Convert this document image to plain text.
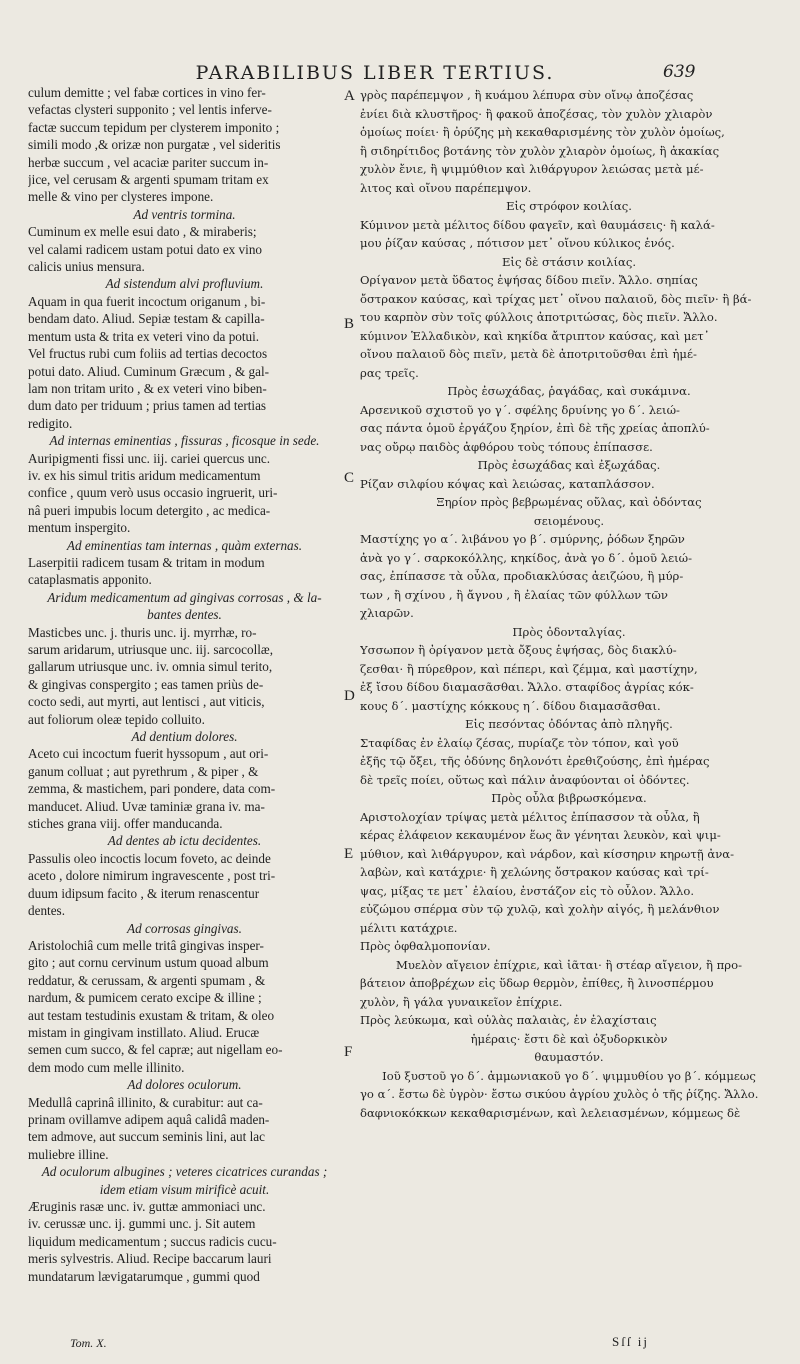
PARABILIBUS LIBER TERTIUS.	639
culum demitte ; vel fabæ cortices in vino fer-
vefactas clysteri supponito ; vel lentis inferve-
factæ succum tepidum per clysterem imponito ;
simili modo ,& orizæ non purgatæ , vel sideritis
herbæ succum , vel acaciæ pariter succum in-
jice, vel cerusam & argenti spumam tritam ex
melle & vino per clysteres impone.
Ad ventris tormina.
Cuminum ex melle esui dato , & miraberis;
vel calami radicem ustam potui dato ex vino
calicis unius mensura.
Ad sistendum alvi profluvium.
Aquam in qua fuerit incoctum origanum , bi-
bendam dato. Aliud. Sepiæ testam & capilla-
mentum usta & trita ex veteri vino da potui.
Vel fructus rubi cum foliis ad tertias decoctos
potui dato. Aliud. Cuminum Græcum , & gal-
lam non tritam urito , & ex veteri vino biben-
dum dato per triduum ; prius tamen ad tertias
redigito.
Ad internas eminentias , fissuras , ficosque in sede.
Auripigmenti fissi unc. iij. cariei quercus unc.
iv. ex his simul tritis aridum medicamentum
confice , quum verò usus occasio ingruerit, uri-
nâ pueri impubis locum detergito , ac medica-
mentum inspergito.
Ad eminentias tam internas , quàm externas.
Laserpitii radicem tusam & tritam in modum
cataplasmatis apponito.
Aridum medicamentum ad gingivas corrosas , & la-
bantes dentes.
Masticbes unc. j. thuris unc. ij. myrrhæ, ro-
sarum aridarum, utriusque unc. iij. sarcocollæ,
gallarum utriusque unc. iv. omnia simul terito,
& gingivas conspergito ; eas tamen priùs de-
cocto sedi, aut myrti, aut lentisci , aut viticis,
aut foliorum oleæ tepido colluito.
Ad dentium dolores.
Aceto cui incoctum fuerit hyssopum , aut ori-
ganum colluat ; aut pyrethrum , & piper , &
zemma, & mastichem, pari pondere, data com-
manducet. Aliud. Uvæ taminiæ grana iv. ma-
stiches grana viij. offer manducanda.
Ad dentes ab ictu decidentes.
Passulis oleo incoctis locum foveto, ac deinde
aceto , dolore nimirum ingravescente , post tri-
duum idipsum facito , & iterum renascentur
dentes.
Ad corrosas gingivas.
Aristolochiâ cum melle tritâ gingivas insper-
gito ; aut cornu cervinum ustum quoad album
reddatur, & cerussam, & argenti spumam , &
nardum, & pumicem cerato excipe & illine ;
aut testam testudinis exustam & tritam, & oleo
mistam in gingivam instillato. Aliud. Erucæ
semen cum succo, & fel capræ; aut nigellam eo-
dem modo cum melle illinito.
Ad dolores oculorum.
Medullâ caprinâ illinito, & curabitur: aut ca-
prinam ovillamve adipem aquâ calidâ maden-
tem admove, aut succum seminis lini, aut lac
muliebre illine.
Ad oculorum albugines ; veteres cicatrices curandas ;
idem etiam visum mirificè acuit.
Æruginis rasæ unc. iv. guttæ ammoniaci unc.
iv. cerussæ unc. ij. gummi unc. j. Sit autem
liquidum medicamentum ; succus radicis cucu-
meris sylvestris. Aliud. Recipe baccarum lauri
mundatarum lævigatarumque , gummi quod
γρὸς παρέπεμψον , ἢ κυάμου λέπυρα σὺν οἴνῳ ἀποζέσας
ἐνίει διὰ κλυστῆρος· ἢ φακοῦ ἀποζέσας, τὸν χυλὸν χλιαρὸν
ὁμοίως ποίει· ἢ ὀρύζης μὴ κεκαθαρισμένης τὸν χυλὸν ὁμοίως,
ἢ σιδηρίτιδος βοτάνης τὸν χυλὸν χλιαρὸν ὁμοίως, ἢ ἀκακίας
χυλὸν ἔνιε, ἢ ψιμμύθιον καὶ λιθάργυρον λειώσας μετὰ μέ-
λιτος καὶ οἴνου παρέπεμψον.
Εἰς στρόφον κοιλίας.
Κύμινον μετὰ μέλιτος δίδου φαγεῖν, καὶ θαυμάσεις· ἢ καλά-
μου ῥίζαν καύσας , πότισον μετ᾽ οἴνου κύλικος ἑνός.
Εἰς δὲ στάσιν κοιλίας.
Ορίγανον μετὰ ὕδατος ἑψήσας δίδου πιεῖν. Ἄλλο. σηπίας
ὄστρακον καύσας, καὶ τρίχας μετ᾽ οἴνου παλαιοῦ, δὸς πιεῖν· ἢ βά-
του καρπὸν σὺν τοῖς φύλλοις ἀποτριτώσας, δὸς πιεῖν. Ἄλλο.
κύμινον Ἑλλαδικὸν, καὶ κηκίδα ἄτριπτον καύσας, καὶ μετ᾽
οἴνου παλαιοῦ δὸς πιεῖν, μετὰ δὲ ἀποτριτοῦσθαι ἐπὶ ἡμέ-
ρας τρεῖς.
Πρὸς ἐσωχάδας, ῥαγάδας, καὶ συκάμινα.
Αρσενικοῦ σχιστοῦ γο γ΄. σφέλης δρυίνης γο δ΄. λειώ-
σας πάντα ὁμοῦ ἐργάζου ξηρίον, ἐπὶ δὲ τῆς χρείας ἀποπλύ-
νας οὔρῳ παιδὸς ἀφθόρου τοὺς τόπους ἐπίπασσε.
Πρὸς ἐσωχάδας καὶ ἐξωχάδας.
Ρίζαν σιλφίου κόψας καὶ λειώσας, καταπλάσσον.
Ξηρίον πρὸς βεβρωμένας οὔλας, καὶ ὀδόντας
σειομένους.
Μαστίχης γο α΄. λιβάνου γο β΄. σμύρνης, ῥόδων ξηρῶν
ἀνὰ γο γ΄. σαρκοκόλλης, κηκίδος, ἀνὰ γο δ΄. ὁμοῦ λειώ-
σας, ἐπίπασσε τὰ οὖλα, προδιακλύσας ἀειζώου, ἢ μύρ-
των , ἢ σχίνου , ἢ ἄγνου , ἢ ἐλαίας τῶν φύλλων τῶν
χλιαρῶν.
Πρὸς ὀδονταλγίας.
Υσσωπον ἢ ὀρίγανον μετὰ ὄξους ἑψήσας, δὸς διακλύ-
ζεσθαι· ἢ πύρεθρον, καὶ πέπερι, καὶ ζέμμα, καὶ μαστίχην,
ἐξ ἴσου δίδου διαμασᾶσθαι. Ἄλλο. σταφίδος ἀγρίας κόκ-
κους δ΄. μαστίχης κόκκους η΄. δίδου διαμασᾶσθαι.
Εἰς πεσόντας ὀδόντας ἀπὸ πληγῆς.
Σταφίδας ἐν ἐλαίῳ ζέσας, πυρίαζε τὸν τόπον, καὶ γοῦ
ἐξῆς τῷ ὄξει, τῆς ὀδύνης δηλονότι ἐρεθιζούσης, ἐπὶ ἡμέρας
δὲ τρεῖς ποίει, οὕτως καὶ πάλιν ἀναφύονται οἱ ὀδόντες.
Πρὸς οὖλα βιβρωσκόμενα.
Αριστολοχίαν τρίψας μετὰ μέλιτος ἐπίπασσον τὰ οὖλα, ἢ
κέρας ἐλάφειον κεκαυμένον ἕως ἂν γένηται λευκὸν, καὶ ψιμ-
μύθιον, καὶ λιθάργυρον, καὶ νάρδον, καὶ κίσσηριν κηρωτῇ ἀνα-
λαβὼν, καὶ κατάχριε· ἢ χελώνης ὄστρακον καύσας καὶ τρί-
ψας, μίξας τε μετ᾽ ἐλαίου, ἐνστάζον εἰς τὸ οὖλον. Ἄλλο.
εὐζώμου σπέρμα σὺν τῷ χυλῷ, καὶ χολὴν αἰγός, ἢ μελάνθιον
μέλιτι κατάχριε.
Πρὸς ὀφθαλμοπονίαν.
Μυελὸν αἴγειον ἐπίχριε, καὶ ἰᾶται· ἢ στέαρ αἴγειον, ἢ προ-
βάτειον ἀποβρέχων εἰς ὕδωρ θερμὸν, ἐπίθες, ἢ λινοσπέρμου
χυλὸν, ἢ γάλα γυναικεῖον ἐπίχριε.
Πρὸς λεύκωμα, καὶ οὐλὰς παλαιὰς, ἐν ἐλαχίσταις
ἡμέραις· ἔστι δὲ καὶ ὀξυδορκικὸν
θαυμαστόν.
Ιοῦ ξυστοῦ γο δ΄. ἀμμωνιακοῦ γο δ΄. ψιμμυθίου γο β΄. κόμμεως
γο α΄. ἔστω δὲ ὑγρὸν· ἔστω σικύου ἀγρίου χυλὸς ὁ τῆς ῥίζης. Ἄλλο.
δαφνιοκόκκων κεκαθαρισμένων, καὶ λελειασμένων, κόμμεως δὲ
A
B
C
D
E
F
Tom. X.	Sſſ ij
